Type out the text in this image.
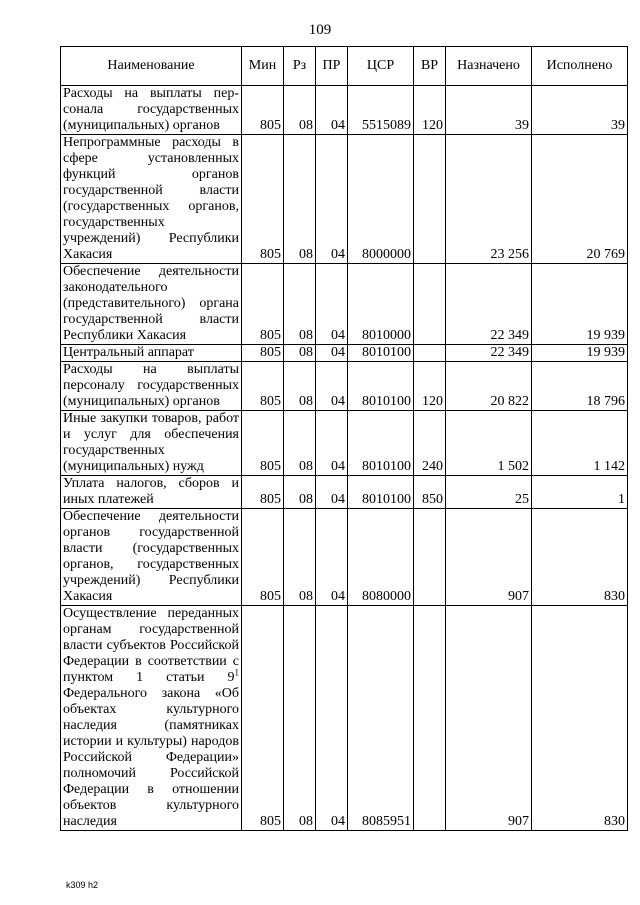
109
Наименование	Мин	Рз	ПР	ЦСР	ВР	Назначено	Исполнено
Расходы на выплаты пер-сонала государственных (муниципальных) органов	805	08	04	5515089	120	39	39
Непрограммные расходы в сфере установленных функций органов государственной власти (государственных органов, государственных учреждений) Республики Хакасия	805	08	04	8000000		23 256	20 769
Обеспечение деятельности законодательного (представительного) органа государственной власти Республики Хакасия	805	08	04	8010000		22 349	19 939
Центральный аппарат	805	08	04	8010100		22 349	19 939
Расходы на выплаты персоналу государственных (муниципальных) органов	805	08	04	8010100	120	20 822	18 796
Иные закупки товаров, работ и услуг для обеспечения государственных (муниципальных) нужд	805	08	04	8010100	240	1 502	1 142
Уплата налогов, сборов и иных платежей	805	08	04	8010100	850	25	1
Обеспечение деятельности органов государственной власти (государственных органов, государственных учреждений) Республики Хакасия	805	08	04	8080000		907	830
Осуществление переданных органам государственной власти субъектов Российской Федерации в соответствии с пунктом 1 статьи $9^1$ Федерального закона «Об объектах культурного наследия (памятниках истории и культуры) народов Российской Федерации» полномочий Российской Федерации в отношении объектов культурного наследия	805	08	04	8085951		907	830
k309 h2
